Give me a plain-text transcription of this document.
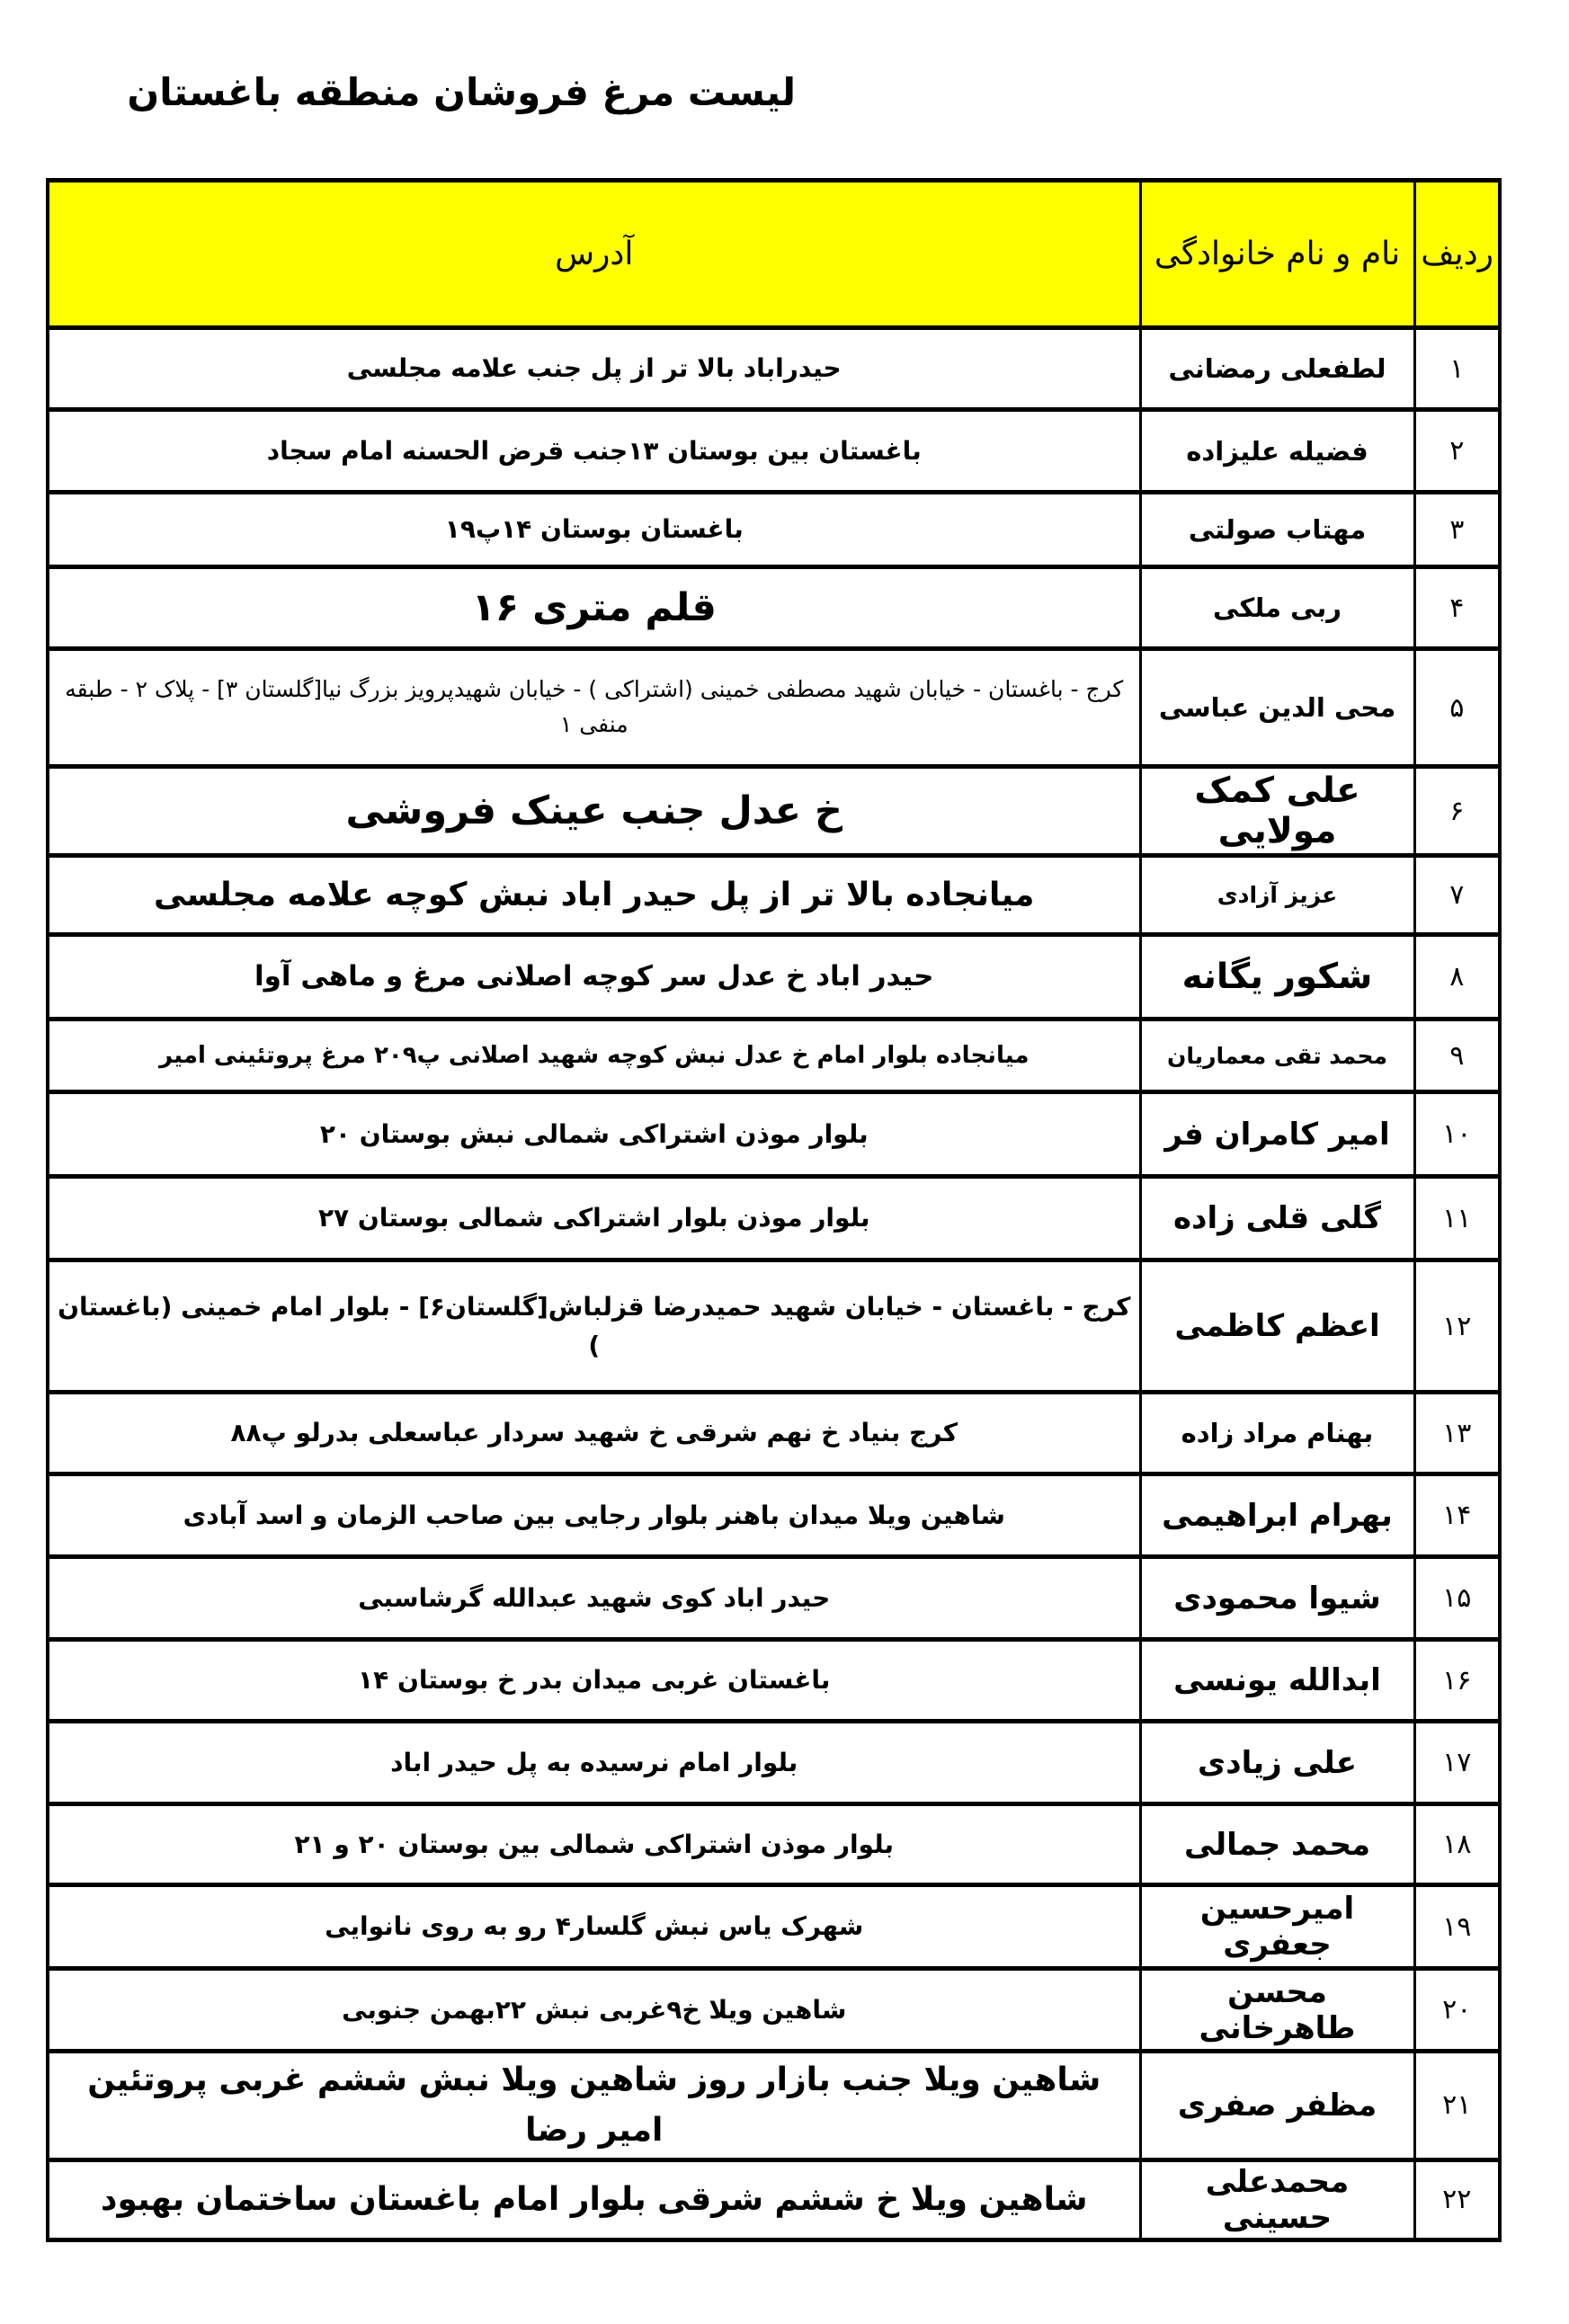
لیست مرغ فروشان منطقه باغستان
ردیف	نام و نام خانوادگی	آدرس
۱	لطفعلی رمضانی	حیدراباد بالا تر از پل جنب علامه مجلسی
۲	فضیله علیزاده	باغستان بین بوستان ۱۳جنب قرض الحسنه امام سجاد
۳	مهتاب صولتی	باغستان بوستان ۱۴پ۱۹
۴	ربی ملکی	قلم متری ۱۶
۵	محی الدین عباسی	کرج - باغستان - خیابان شهید مصطفی خمینی (اشتراکی ) - خیابان شهیدپرویز بزرگ نیا[گلستان ۳] - پلاک ۲ - طبقه منفی ۱
۶	علی کمک مولایی	خ عدل جنب عینک فروشی
۷	عزیز آزادی	میانجاده بالا تر از پل حیدر اباد نبش کوچه علامه مجلسی
۸	شکور یگانه	حیدر اباد خ عدل سر کوچه اصلانی مرغ و ماهی آوا
۹	محمد تقی معماریان	میانجاده بلوار امام خ عدل نبش کوچه شهید اصلانی پ۲۰۹ مرغ پروتئینی امیر
۱۰	امیر کامران فر	بلوار موذن اشتراکی شمالی نبش بوستان ۲۰
۱۱	گلی قلی زاده	بلوار موذن بلوار اشتراکی شمالی بوستان ۲۷
۱۲	اعظم کاظمی	کرج - باغستان - خیابان شهید حمیدرضا قزلباش[گلستان۶] - بلوار امام خمینی (باغستان )
۱۳	بهنام مراد زاده	کرج بنیاد خ نهم شرقی خ شهید سردار عباسعلی بدرلو پ۸۸
۱۴	بهرام ابراهیمی	شاهین ویلا میدان باهنر بلوار رجایی بین صاحب الزمان و اسد آبادی
۱۵	شیوا محمودی	حیدر اباد کوی شهید عبدالله گرشاسبی
۱۶	ابدالله یونسی	باغستان غربی میدان بدر خ بوستان ۱۴
۱۷	علی زیادی	بلوار امام نرسیده به پل حیدر اباد
۱۸	محمد جمالی	بلوار موذن اشتراکی شمالی بین بوستان ۲۰ و ۲۱
۱۹	امیرحسین جعفری	شهرک یاس نبش گلسار۴ رو به روی نانوایی
۲۰	محسن طاهرخانی	شاهین ویلا خ۹غربی نبش ۲۲بهمن جنوبی
۲۱	مظفر صفری	شاهین ویلا جنب بازار روز شاهین ویلا نبش ششم غربی پروتئین امیر رضا
۲۲	محمدعلی حسینی	شاهین ویلا خ ششم شرقی بلوار امام باغستان ساختمان بهبود
